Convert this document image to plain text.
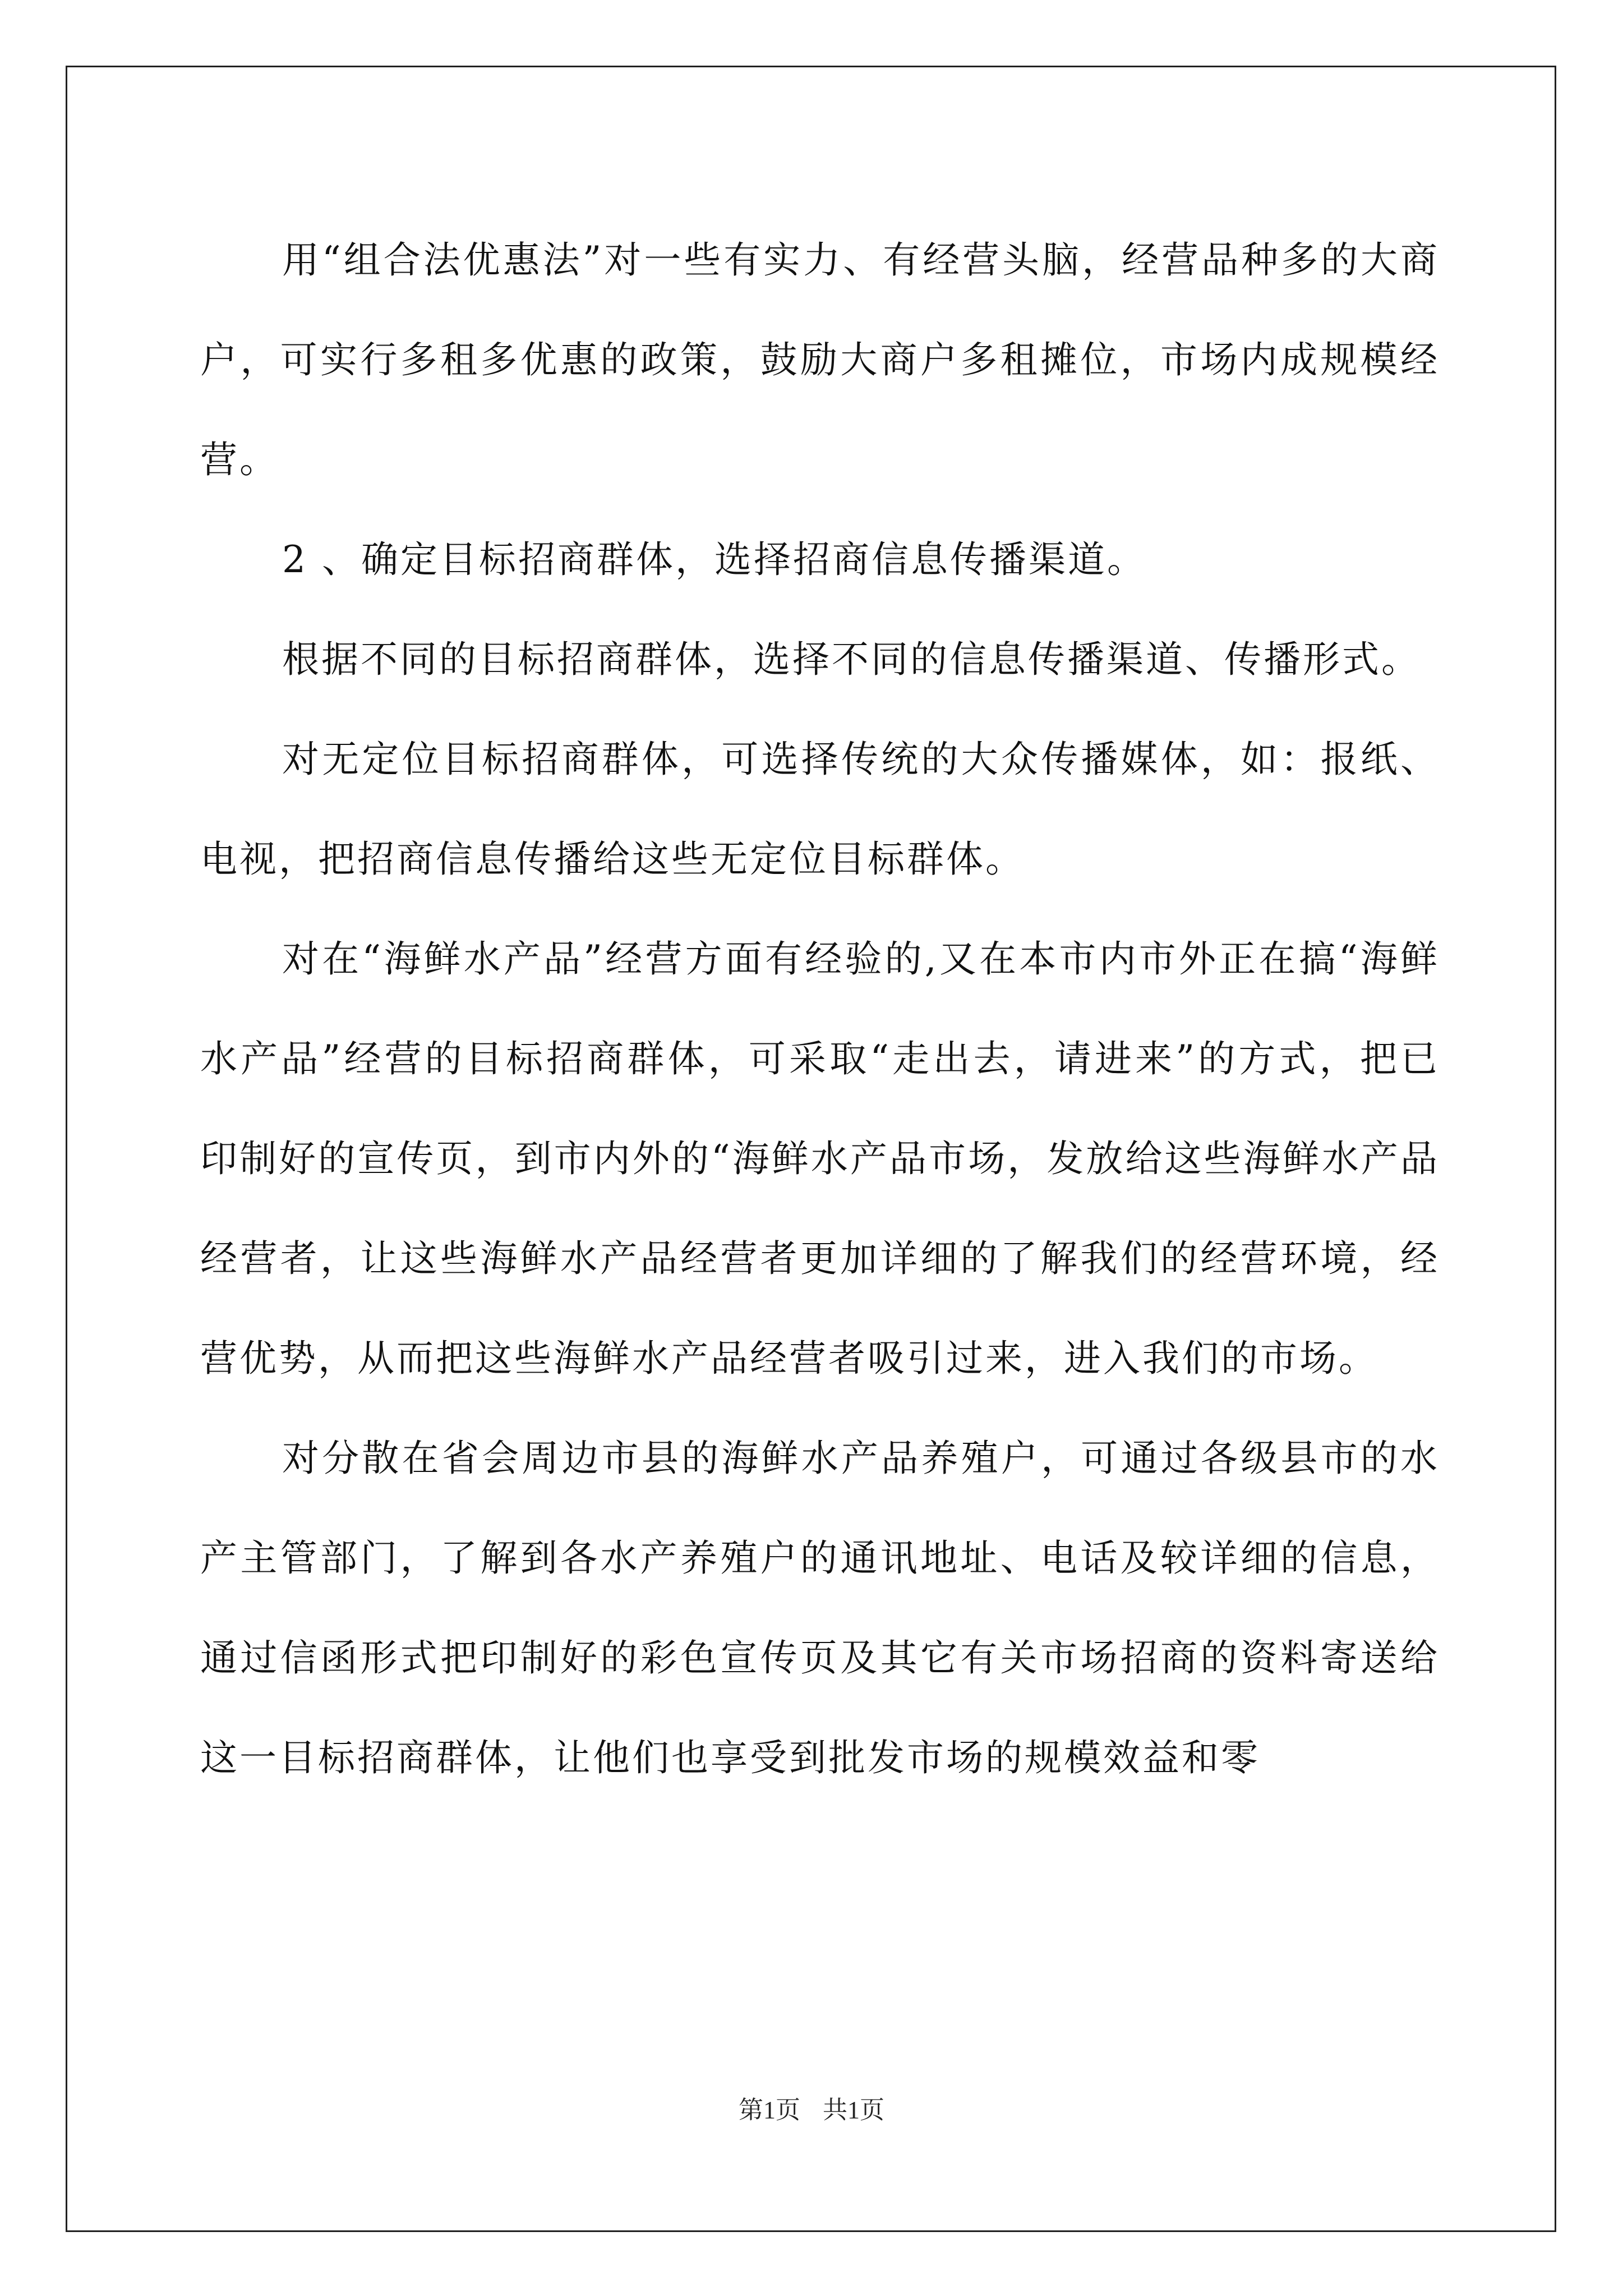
用“组合法优惠法”对一些有实力、有经营头脑，经营品种多的大商户，可实行多租多优惠的政策，鼓励大商户多租摊位，市场内成规模经营。

2 、确定目标招商群体，选择招商信息传播渠道。

根据不同的目标招商群体，选择不同的信息传播渠道、传播形式。

对无定位目标招商群体，可选择传统的大众传播媒体，如：报纸、电视，把招商信息传播给这些无定位目标群体。

对在“海鲜水产品”经营方面有经验的,又在本市内市外正在搞“海鲜水产品”经营的目标招商群体，可采取“走出去，请进来”的方式，把已印制好的宣传页，到市内外的“海鲜水产品市场，发放给这些海鲜水产品经营者，让这些海鲜水产品经营者更加详细的了解我们的经营环境，经营优势，从而把这些海鲜水产品经营者吸引过来，进入我们的市场。

对分散在省会周边市县的海鲜水产品养殖户，可通过各级县市的水产主管部门，了解到各水产养殖户的通讯地址、电话及较详细的信息，通过信函形式把印制好的彩色宣传页及其它有关市场招商的资料寄送给这一目标招商群体，让他们也享受到批发市场的规模效益和零

第1页 共1页
